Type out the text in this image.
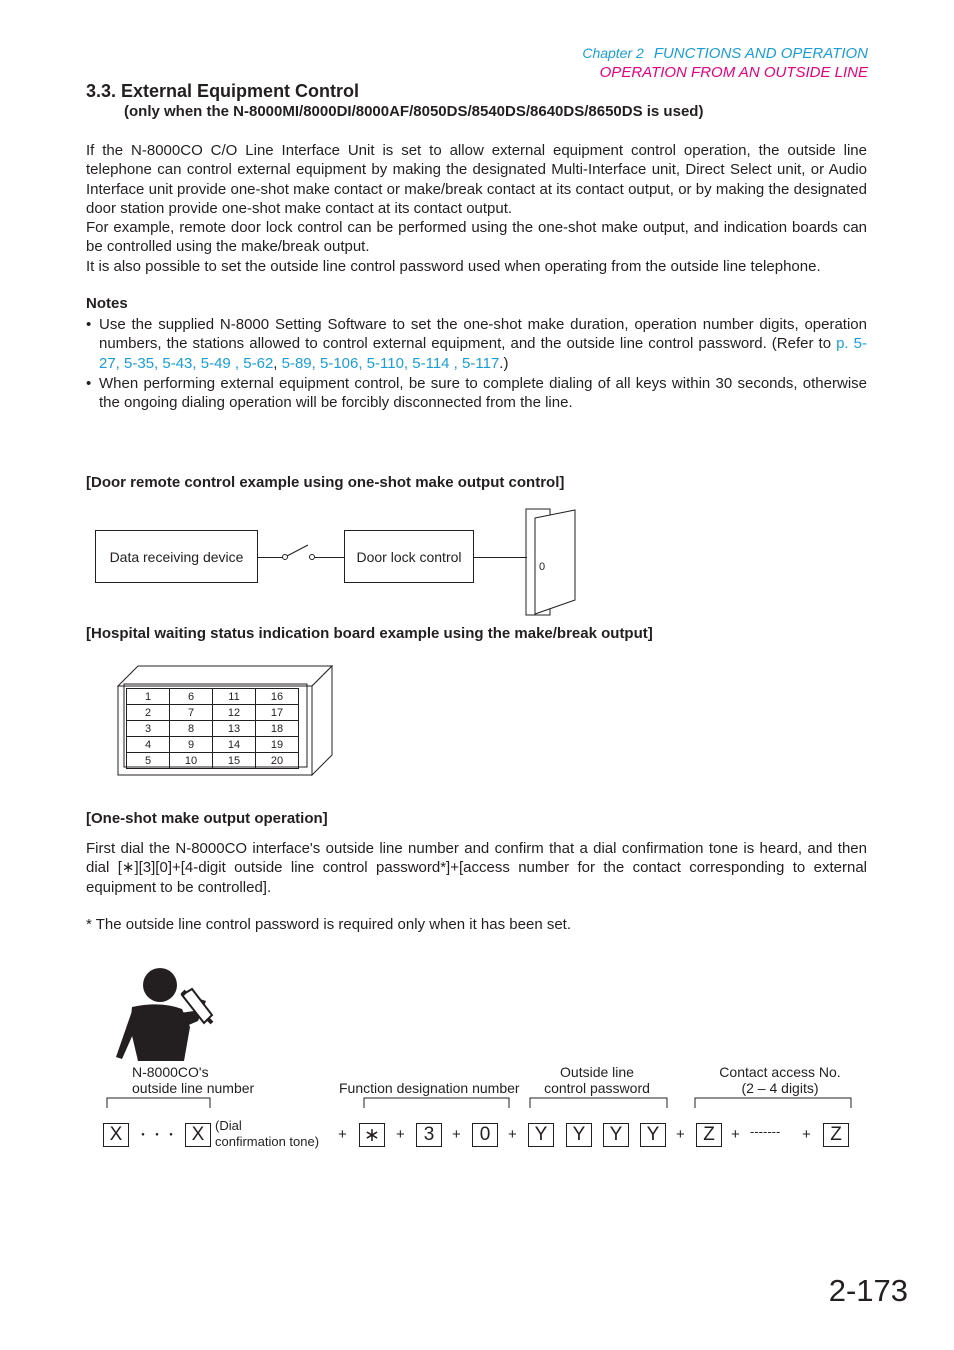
Chapter 2 FUNCTIONS AND OPERATION
OPERATION FROM AN OUTSIDE LINE
3.3. External Equipment Control
(only when the N-8000MI/8000DI/8000AF/8050DS/8540DS/8640DS/8650DS is used)
If the N-8000CO C/O Line Interface Unit is set to allow external equipment control operation, the outside line telephone can control external equipment by making the designated Multi-Interface unit, Direct Select unit, or Audio Interface unit provide one-shot make contact or make/break contact at its contact output, or by making the designated door station provide one-shot make contact at its contact output.
For example, remote door lock control can be performed using the one-shot make output, and indication boards can be controlled using the make/break output.
It is also possible to set the outside line control password used when operating from the outside line telephone.
Notes
• Use the supplied N-8000 Setting Software to set the one-shot make duration, operation number digits, operation numbers, the stations allowed to control external equipment, and the outside line control password. (Refer to p. 5-27, 5-35, 5-43, 5-49 , 5-62, 5-89, 5-106, 5-110, 5-114 , 5-117.)
• When performing external equipment control, be sure to complete dialing of all keys within 30 seconds, otherwise the ongoing dialing operation will be forcibly disconnected from the line.
[Door remote control example using one-shot make output control]
Data receiving device	Door lock control
0
[Hospital waiting status indication board example using the make/break output]
1	6	11	16
2	7	12	17
3	8	13	18
4	9	14	19
5	10	15	20
[One-shot make output operation]
First dial the N-8000CO interface's outside line number and confirm that a dial confirmation tone is heard, and then dial [∗][3][0]+[4-digit outside line control password*]+[access number for the contact corresponding to external equipment to be controlled].
* The outside line control password is required only when it has been set.
N-8000CO's
outside line number	Function designation number
Outside line
control password
Contact access No.
(2 – 4 digits)
X ・・・ X (Dial
confirmation tone) + ∗	+ 3	+ 0	+ Y	Y	Y	Y	+ Z	+ ------- +	Z
2-173
